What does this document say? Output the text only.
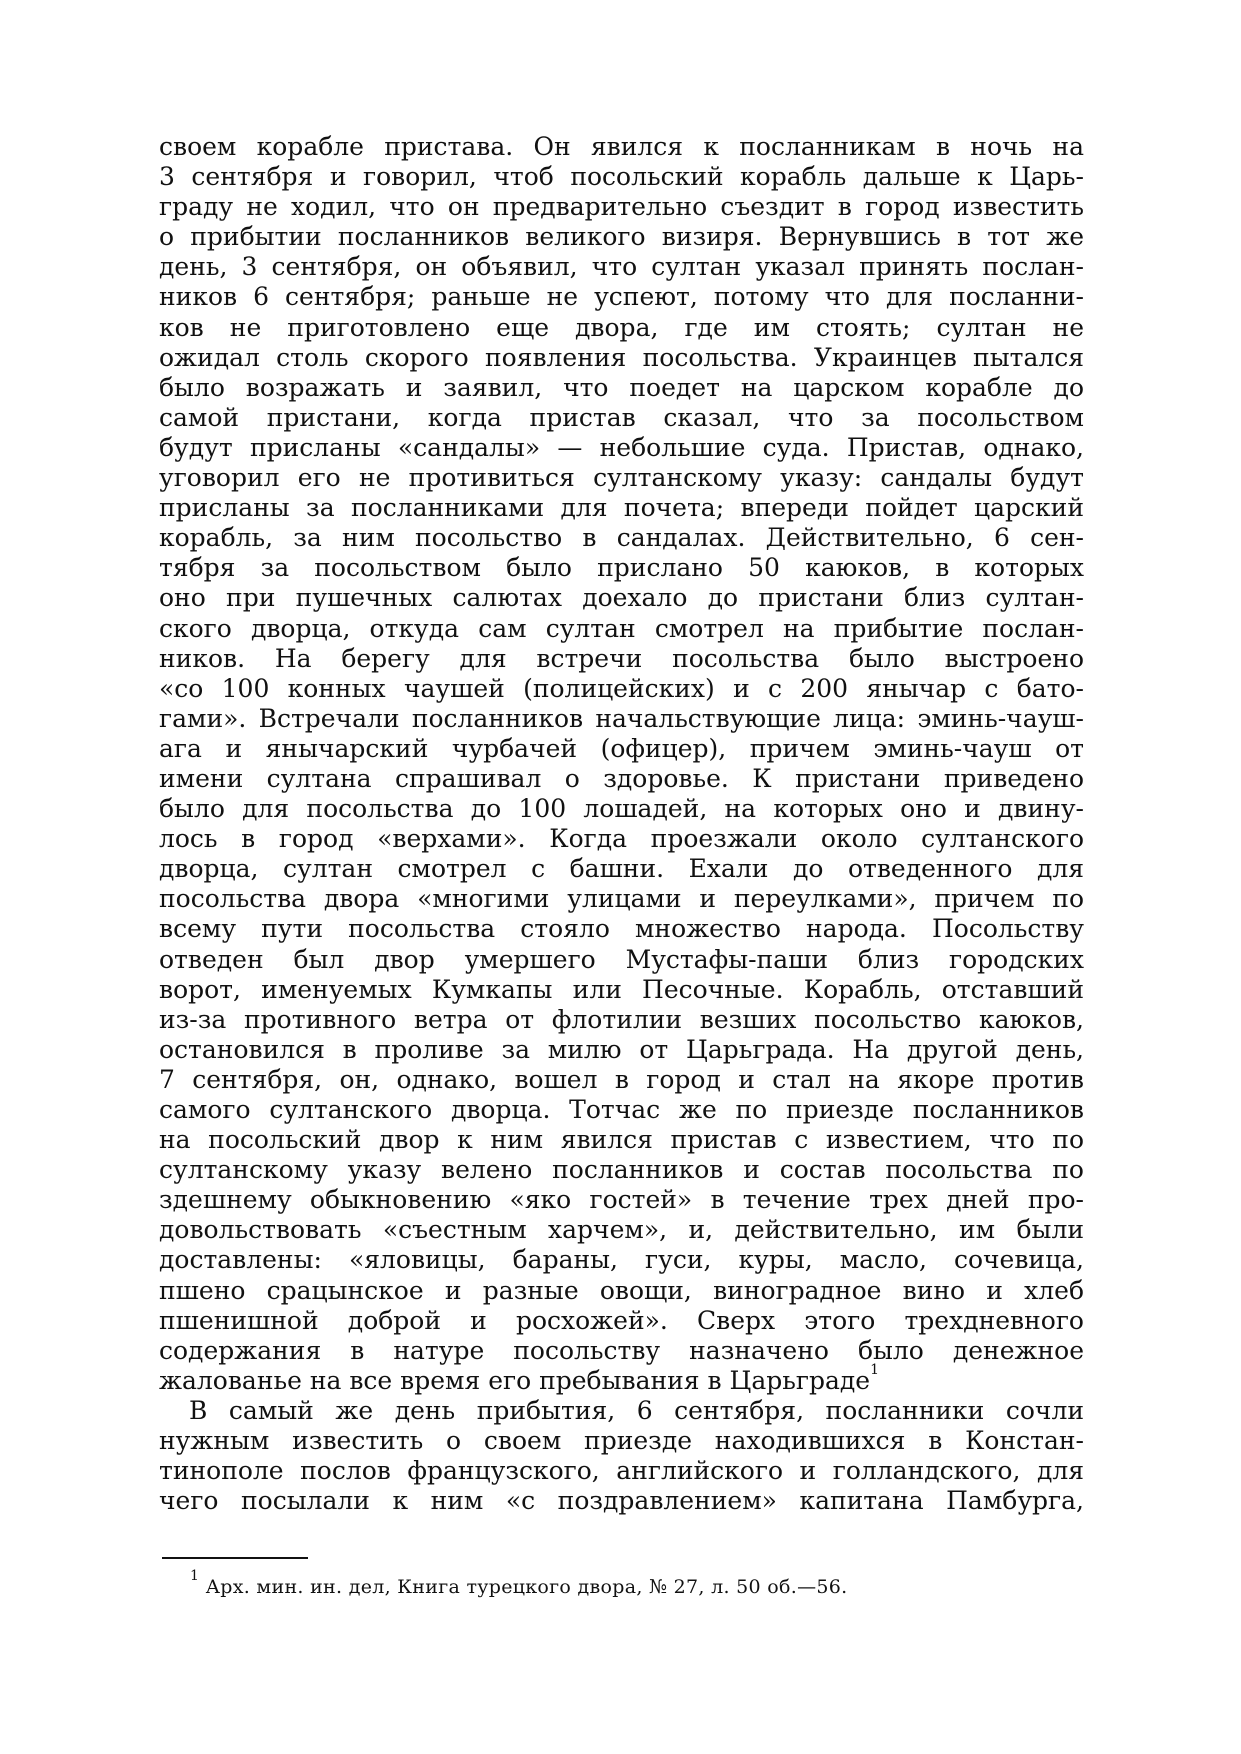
своем корабле пристава. Он явился к посланникам в ночь на
3 сентября и говорил, чтоб посольский корабль дальше к Царь-
граду не ходил, что он предварительно съездит в город известить
о прибытии посланников великого визиря. Вернувшись в тот же
день, 3 сентября, он объявил, что султан указал принять послан-
ников 6 сентября; раньше не успеют, потому что для посланни-
ков не приготовлено еще двора, где им стоять; султан не
ожидал столь скорого появления посольства. Украинцев пытался
было возражать и заявил, что поедет на царском корабле до
самой пристани, когда пристав сказал, что за посольством
будут присланы «сандалы» — небольшие суда. Пристав, однако,
уговорил его не противиться султанскому указу: сандалы будут
присланы за посланниками для почета; впереди пойдет царский
корабль, за ним посольство в сандалах. Действительно, 6 сен-
тября за посольством было прислано 50 каюков, в которых
оно при пушечных салютах доехало до пристани близ султан-
ского дворца, откуда сам султан смотрел на прибытие послан-
ников. На берегу для встречи посольства было выстроено
«со 100 конных чаушей (полицейских) и с 200 янычар с бато-
гами». Встречали посланников начальствующие лица: эминь-чауш-
ага и янычарский чурбачей (офицер), причем эминь-чауш от
имени султана спрашивал о здоровье. К пристани приведено
было для посольства до 100 лошадей, на которых оно и двину-
лось в город «верхами». Когда проезжали около султанского
дворца, султан смотрел с башни. Ехали до отведенного для
посольства двора «многими улицами и переулками», причем по
всему пути посольства стояло множество народа. Посольству
отведен был двор умершего Мустафы-паши близ городских
ворот, именуемых Кумкапы или Песочные. Корабль, отставший
из-за противного ветра от флотилии везших посольство каюков,
остановился в проливе за милю от Царьграда. На другой день,
7 сентября, он, однако, вошел в город и стал на якоре против
самого султанского дворца. Тотчас же по приезде посланников
на посольский двор к ним явился пристав с известием, что по
султанскому указу велено посланников и состав посольства по
здешнему обыкновению «яко гостей» в течение трех дней про-
довольствовать «съестным харчем», и, действительно, им были
доставлены: «яловицы, бараны, гуси, куры, масло, сочевица,
пшено срацынское и разные овощи, виноградное вино и хлеб
пшенишной доброй и росхожей». Сверх этого трехдневного
содержания в натуре посольству назначено было денежное
жалованье на все время его пребывания в Царьграде$^1$
В самый же день прибытия, 6 сентября, посланники сочли
нужным известить о своем приезде находившихся в Констан-
тинополе послов французского, английского и голландского, для
чего посылали к ним «с поздравлением» капитана Памбурга,
$^1$ Арх. мин. ин. дел, Книга турецкого двора, № 27, л. 50 об.—56.
